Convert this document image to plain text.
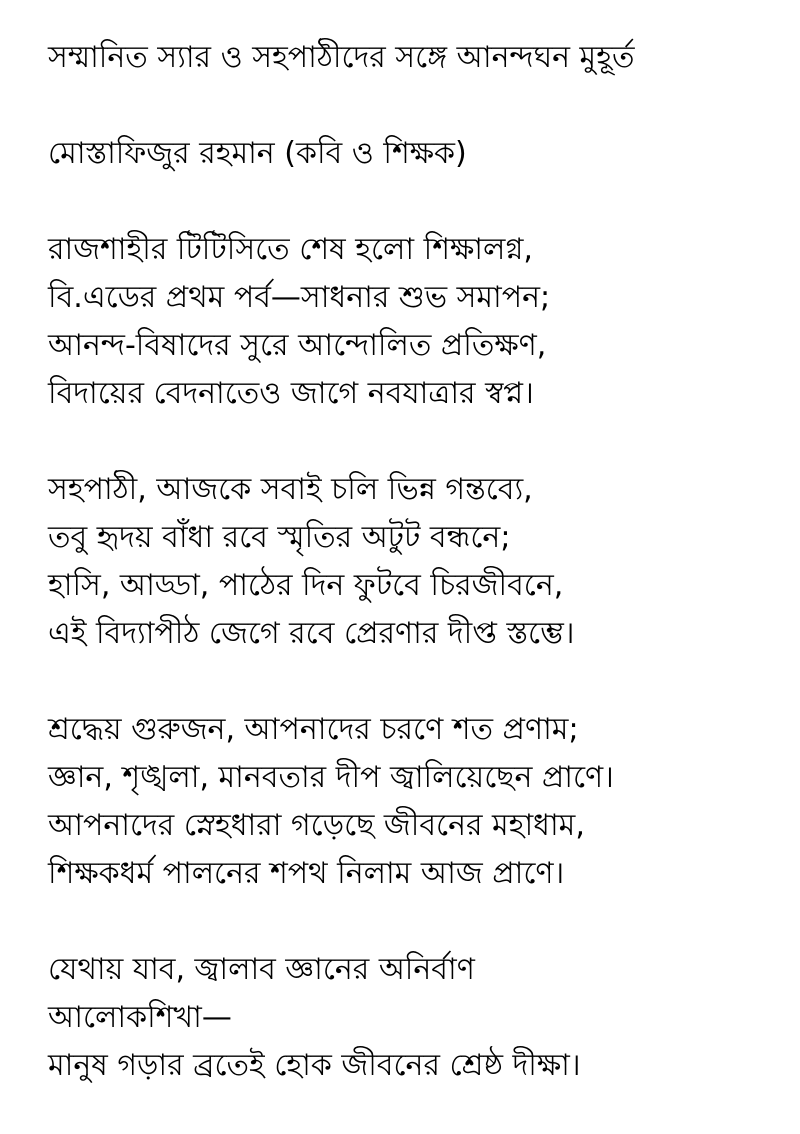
সম্মানিত স্যার ও সহপাঠীদের সঙ্গে আনন্দঘন মুহূর্ত
মোস্তাফিজুর রহমান (কবি ও শিক্ষক)
রাজশাহীর টিটিসিতে শেষ হলো শিক্ষালগ্ন,
বি.এডের প্রথম পর্ব—সাধনার শুভ সমাপন;
আনন্দ-বিষাদের সুরে আন্দোলিত প্রতিক্ষণ,
বিদায়ের বেদনাতেও জাগে নবযাত্রার স্বপ্ন।
সহপাঠী, আজকে সবাই চলি ভিন্ন গন্তব্যে,
তবু হৃদয় বাঁধা রবে স্মৃতির অটুট বন্ধনে;
হাসি, আড্ডা, পাঠের দিন ফুটবে চিরজীবনে,
এই বিদ্যাপীঠ জেগে রবে প্রেরণার দীপ্ত স্তম্ভে।
শ্রদ্ধেয় গুরুজন, আপনাদের চরণে শত প্রণাম;
জ্ঞান, শৃঙ্খলা, মানবতার দীপ জ্বালিয়েছেন প্রাণে।
আপনাদের স্নেহধারা গড়েছে জীবনের মহাধাম,
শিক্ষকধর্ম পালনের শপথ নিলাম আজ প্রাণে।
যেথায় যাব, জ্বালাব জ্ঞানের অনির্বাণ
আলোকশিখা—
মানুষ গড়ার ব্রতেই হোক জীবনের শ্রেষ্ঠ দীক্ষা।
